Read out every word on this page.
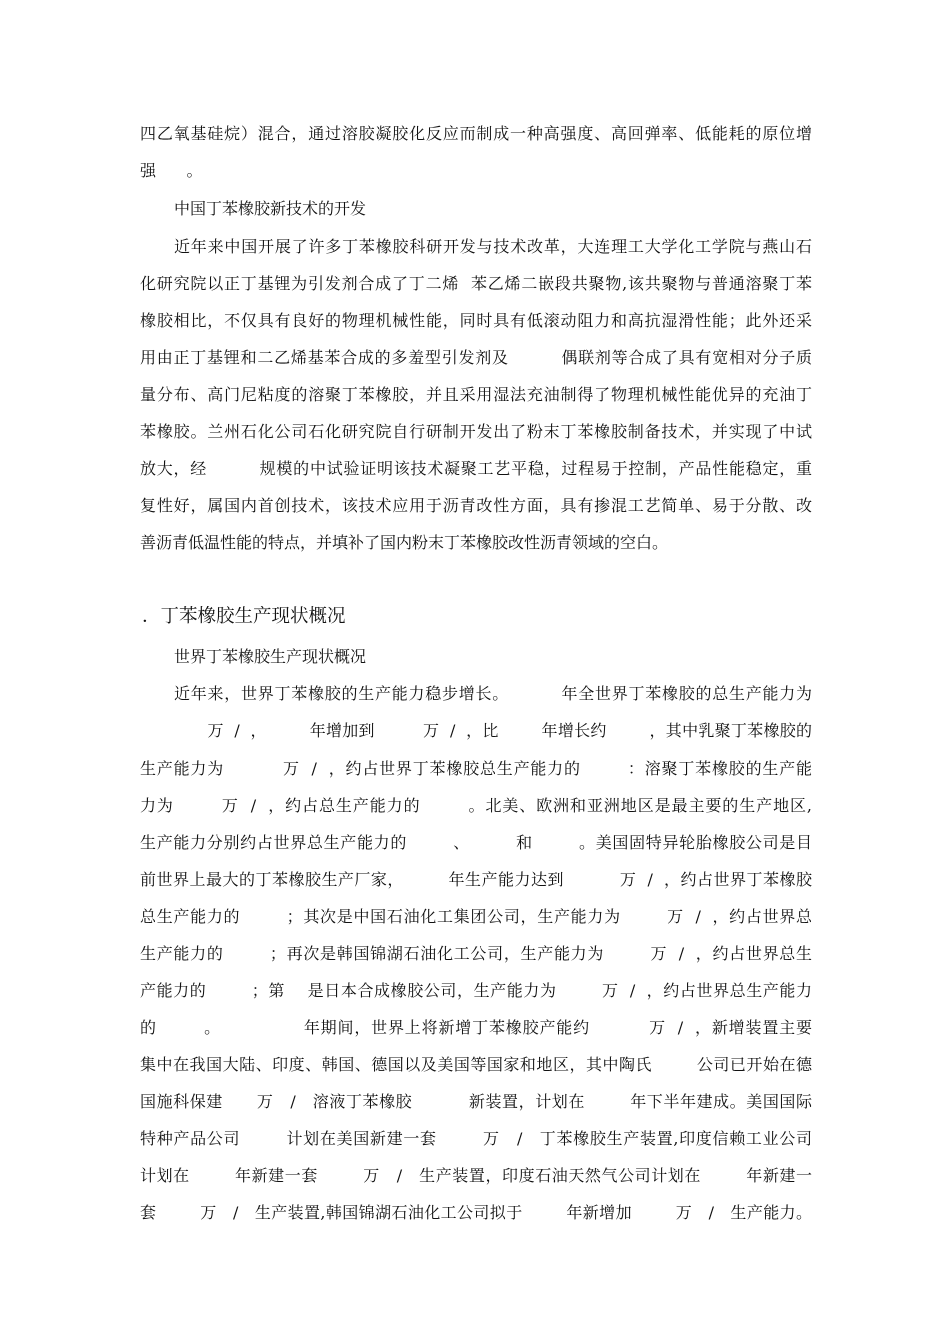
四乙氧基硅烷）混合，通过溶胶凝胶化反应而制成一种高强度、高回弹率、低能耗的原位增
强      。
中国丁苯橡胶新技术的开发
近年来中国开展了许多丁苯橡胶科研开发与技术改革，大连理工大学化工学院与燕山石
化研究院以正丁基锂为引发剂合成了丁二烯  苯乙烯二嵌段共聚物,该共聚物与普通溶聚丁苯
橡胶相比，不仅具有良好的物理机械性能，同时具有低滚动阻力和高抗湿滑性能；此外还采
用由正丁基锂和二乙烯基苯合成的多羞型引发剂及         偶联剂等合成了具有宽相对分子质
量分布、高门尼粘度的溶聚丁苯橡胶，并且采用湿法充油制得了物理机械性能优异的充油丁
苯橡胶。兰州石化公司石化研究院自行研制开发出了粉末丁苯橡胶制备技术，并实现了中试
放大，经         规模的中试验证明该技术凝聚工艺平稳，过程易于控制，产品性能稳定，重
复性好，属国内首创技术，该技术应用于沥青改性方面，具有掺混工艺简单、易于分散、改
善沥青低温性能的特点，并填补了国内粉末丁苯橡胶改性沥青领域的空白。
．丁苯橡胶生产现状概况
世界丁苯橡胶生产现状概况
近年来，世界丁苯橡胶的生产能力稳步增长。         年全世界丁苯橡胶的总生产能力为
万  /  ，        年增加到         万  /  ，比        年增长约        ，其中乳聚丁苯橡胶的
生产能力为          万  /  ，约占世界丁苯橡胶总生产能力的        ：溶聚丁苯橡胶的生产能
力为        万  /  ，约占总生产能力的        。北美、欧洲和亚洲地区是最主要的生产地区,
生产能力分别约占世界总生产能力的        、        和        。美国固特异轮胎橡胶公司是目
前世界上最大的丁苯橡胶生产厂家，        年生产能力达到          万  /  ，约占世界丁苯橡胶
总生产能力的        ；其次是中国石油化工集团公司，生产能力为        万  /  ，约占世界总
生产能力的        ；再次是韩国锦湖石油化工公司，生产能力为        万  /  ，约占世界总生
产能力的        ；第    是日本合成橡胶公司，生产能力为        万  /  ，约占世界总生产能力
的        。              年期间，世界上将新增丁苯橡胶产能约          万  /  ，新增装置主要
集中在我国大陆、印度、韩国、德国以及美国等国家和地区，其中陶氏        公司已开始在德
国施科保建      万   /   溶液丁苯橡胶          新装置，计划在        年下半年建成。美国国际
特种产品公司        计划在美国新建一套        万   /   丁苯橡胶生产装置,印度信赖工业公司
计划在        年新建一套        万   /   生产装置，印度石油天然气公司计划在        年新建一
套        万   /   生产装置,韩国锦湖石油化工公司拟于        年新增加        万   /   生产能力。
